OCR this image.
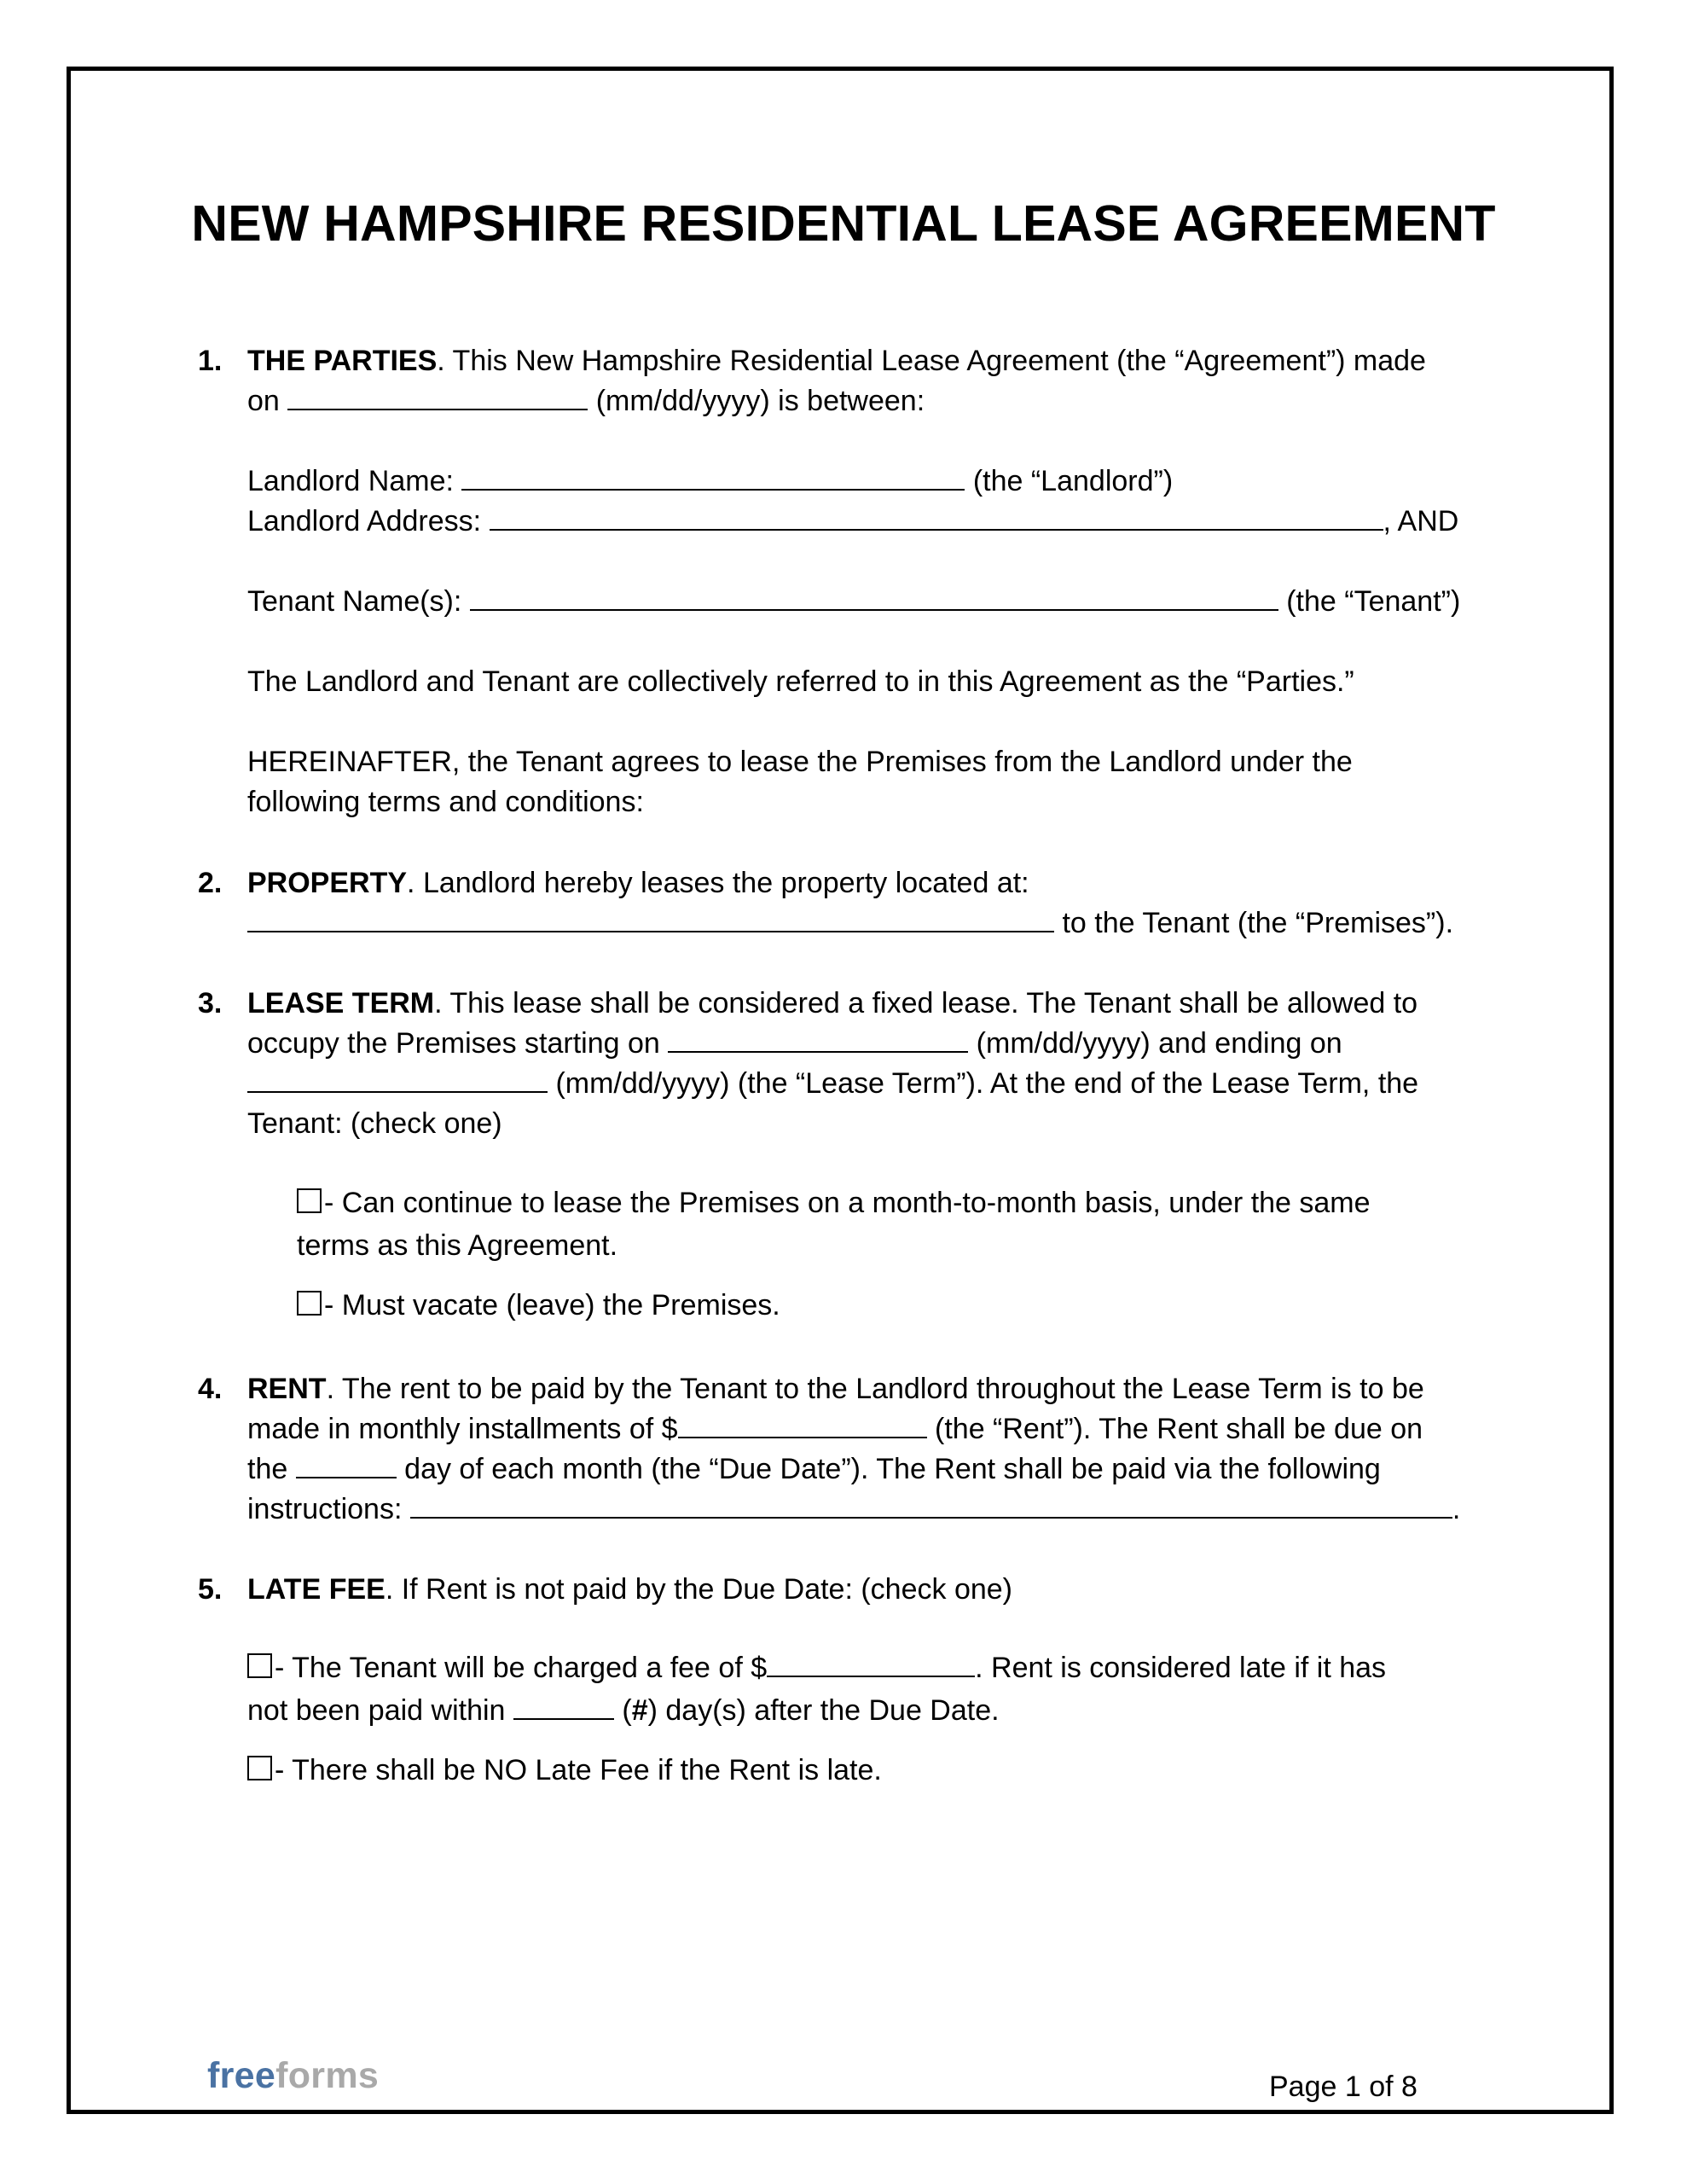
NEW HAMPSHIRE RESIDENTIAL LEASE AGREEMENT
1. THE PARTIES. This New Hampshire Residential Lease Agreement (the “Agreement”) made
on	(mm/dd/yyyy) is between:
Landlord Name:	(the “Landlord”)
Landlord Address:	, AND
Tenant Name(s):	(the “Tenant”)
The Landlord and Tenant are collectively referred to in this Agreement as the “Parties.”
HEREINAFTER, the Tenant agrees to lease the Premises from the Landlord under the
following terms and conditions:
2. PROPERTY. Landlord hereby leases the property located at:
to the Tenant (the “Premises”).
3. LEASE TERM. This lease shall be considered a fixed lease. The Tenant shall be allowed to
occupy the Premises starting on	(mm/dd/yyyy) and ending on
(mm/dd/yyyy) (the “Lease Term”). At the end of the Lease Term, the
Tenant: (check one)
- Can continue to lease the Premises on a month-to-month basis, under the same
terms as this Agreement.
- Must vacate (leave) the Premises.
4. RENT. The rent to be paid by the Tenant to the Landlord throughout the Lease Term is to be
made in monthly installments of $	(the “Rent”). The Rent shall be due on
the	day of each month (the “Due Date”). The Rent shall be paid via the following
instructions:	.
5. LATE FEE. If Rent is not paid by the Due Date: (check one)
- The Tenant will be charged a fee of $	. Rent is considered late if it has
not been paid within	(#) day(s) after the Due Date.
- There shall be NO Late Fee if the Rent is late.
freeforms	Page 1 of 8
